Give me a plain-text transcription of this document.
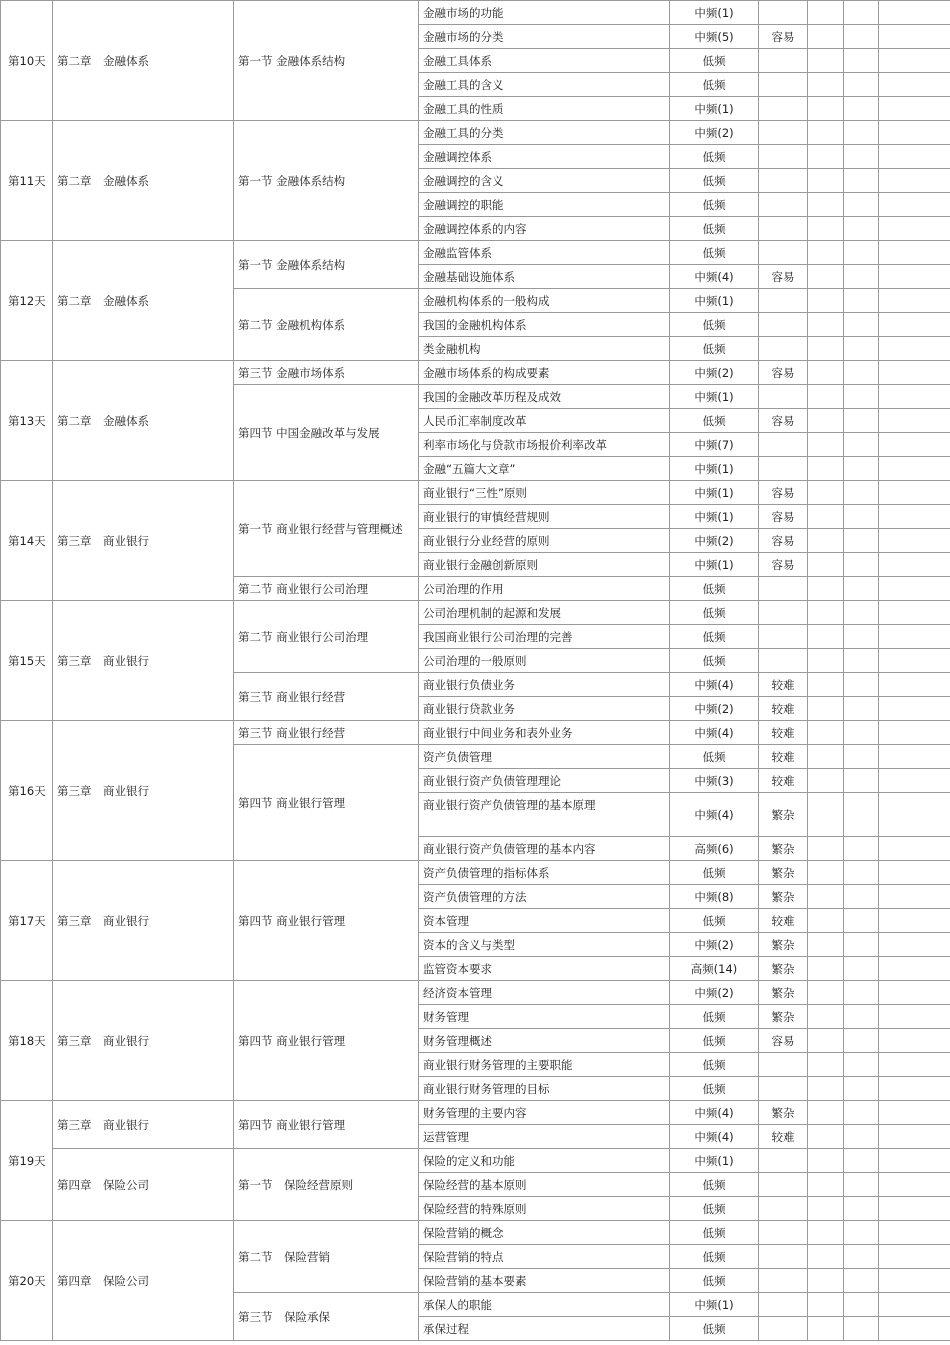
第10天	第二章　金融体系	第一节 金融体系结构	金融市场的功能	中频(1)				
			金融市场的分类	中频(5)	容易			
			金融工具体系	低频				
			金融工具的含义	低频				
			金融工具的性质	中频(1)				
第11天	第二章　金融体系	第一节 金融体系结构	金融工具的分类	中频(2)				
			金融调控体系	低频				
			金融调控的含义	低频				
			金融调控的职能	低频				
			金融调控体系的内容	低频				
第12天	第二章　金融体系	第一节 金融体系结构	金融监管体系	低频				
			金融基础设施体系	中频(4)	容易			
		第二节 金融机构体系	金融机构体系的一般构成	中频(1)				
			我国的金融机构体系	低频				
			类金融机构	低频				
第13天	第二章　金融体系	第三节 金融市场体系	金融市场体系的构成要素	中频(2)	容易			
		第四节 中国金融改革与发展	我国的金融改革历程及成效	中频(1)				
			人民币汇率制度改革	低频	容易			
			利率市场化与贷款市场报价利率改革	中频(7)				
			金融“五篇大文章”	中频(1)				
第14天	第三章　商业银行	第一节 商业银行经营与管理概述	商业银行“三性”原则	中频(1)	容易			
			商业银行的审慎经营规则	中频(1)	容易			
			商业银行分业经营的原则	中频(2)	容易			
			商业银行金融创新原则	中频(1)	容易			
		第二节 商业银行公司治理	公司治理的作用	低频				
第15天	第三章　商业银行	第二节 商业银行公司治理	公司治理机制的起源和发展	低频				
			我国商业银行公司治理的完善	低频				
			公司治理的一般原则	低频				
		第三节 商业银行经营	商业银行负债业务	中频(4)	较难			
			商业银行贷款业务	中频(2)	较难			
第16天	第三章　商业银行	第三节 商业银行经营	商业银行中间业务和表外业务	中频(4)	较难			
		第四节 商业银行管理	资产负债管理	低频	较难			
			商业银行资产负债管理理论	中频(3)	较难			
			商业银行资产负债管理的基本原理	中频(4)	繁杂			
			商业银行资产负债管理的基本内容	高频(6)	繁杂			
第17天	第三章　商业银行	第四节 商业银行管理	资产负债管理的指标体系	低频	繁杂			
			资产负债管理的方法	中频(8)	繁杂			
			资本管理	低频	较难			
			资本的含义与类型	中频(2)	繁杂			
			监管资本要求	高频(14)	繁杂			
第18天	第三章　商业银行	第四节 商业银行管理	经济资本管理	中频(2)	繁杂			
			财务管理	低频	繁杂			
			财务管理概述	低频	容易			
			商业银行财务管理的主要职能	低频				
			商业银行财务管理的目标	低频				
第19天	第三章　商业银行	第四节 商业银行管理	财务管理的主要内容	中频(4)	繁杂			
			运营管理	中频(4)	较难			
	第四章　保险公司	第一节　保险经营原则	保险的定义和功能	中频(1)				
			保险经营的基本原则	低频				
			保险经营的特殊原则	低频				
第20天	第四章　保险公司	第二节　保险营销	保险营销的概念	低频				
			保险营销的特点	低频				
			保险营销的基本要素	低频				
		第三节　保险承保	承保人的职能	中频(1)				
			承保过程	低频				
